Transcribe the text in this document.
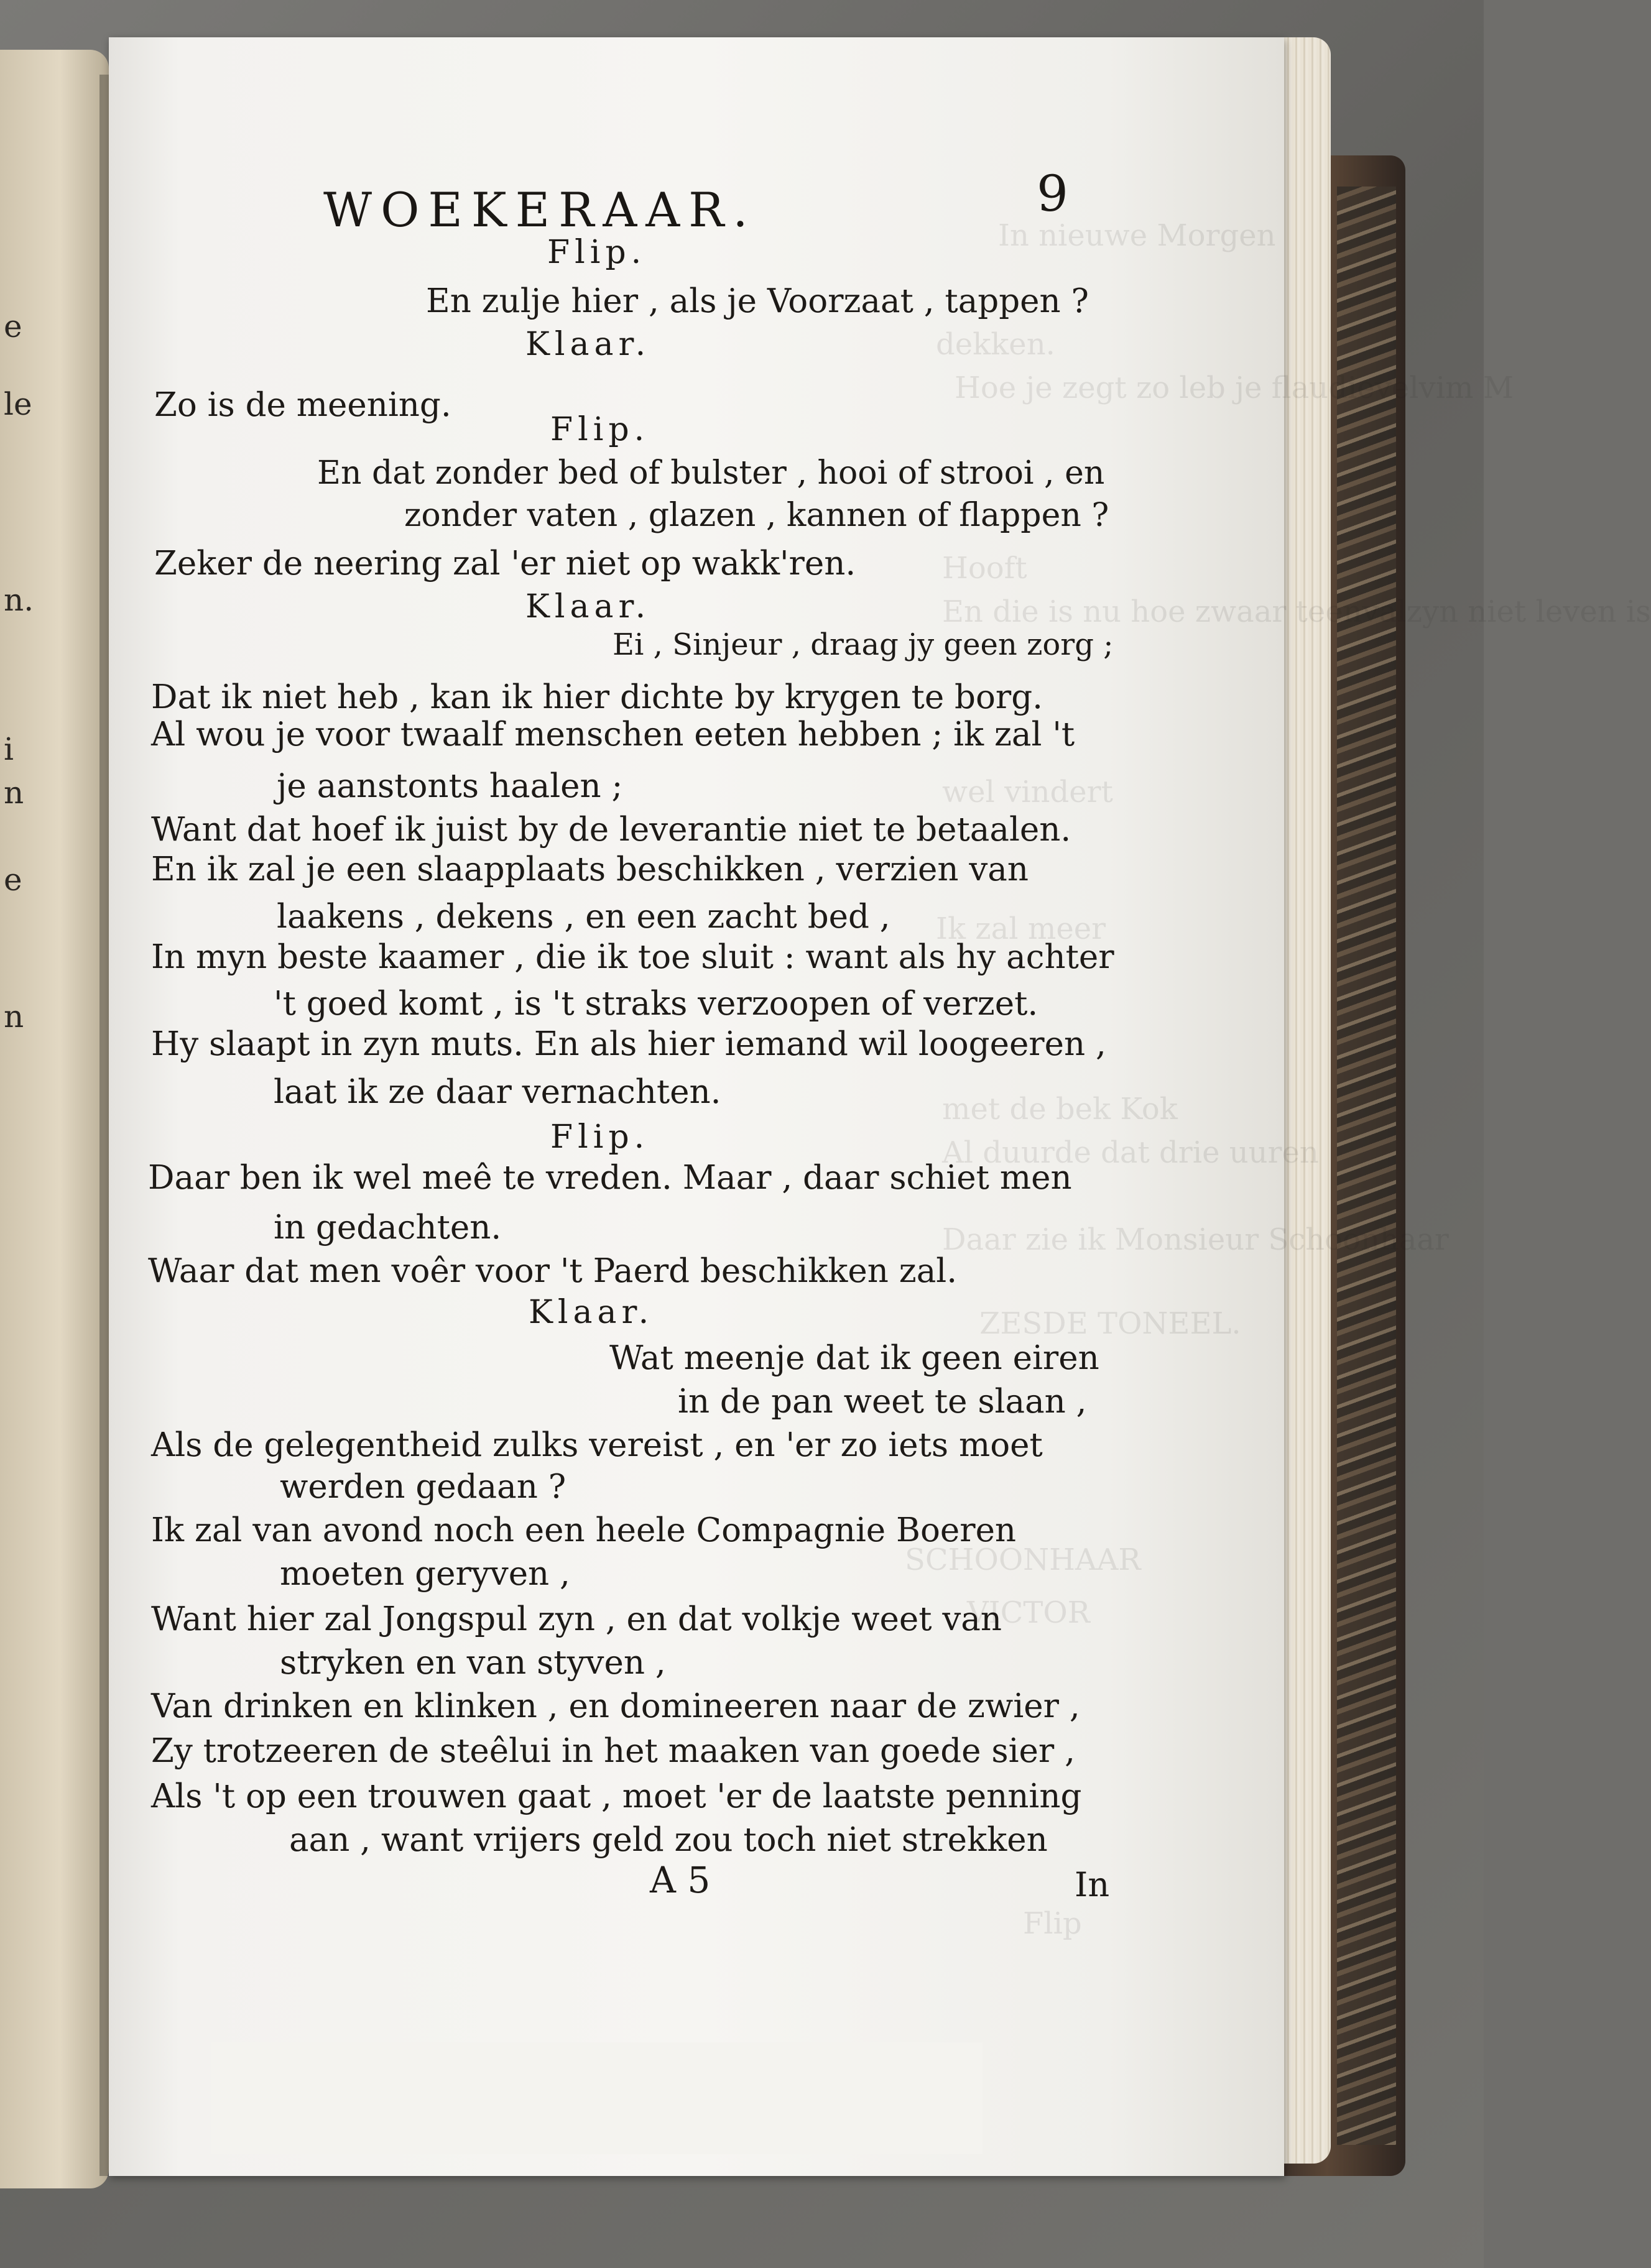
e
le
n.
i
n
e
n
In nieuwe Morgen
dekken.
Hoe je zegt zo leb je flaudievelvim M
Hooft
En die is nu hoe zwaar teenvalzyn niet leven is
wel vindert
Ik zal meer
met de bek Kok
Al duurde dat drie uuren
Daar zie ik Monsieur Schoonhaar
ZESDE TONEEL.
SCHOONHAAR
VICTOR
Flip
WOEKERAAR.	9
Flip.
En zulje hier , als je Voorzaat , tappen ?
Klaar.
Zo is de meening.
Flip.
En dat zonder bed of bulster , hooi of strooi , en
zonder vaten , glazen , kannen of flappen ?
Zeker de neering zal 'er niet op wakk'ren.
Klaar.
Ei , Sinjeur , draag jy geen zorg ;
Dat ik niet heb , kan ik hier dichte by krygen te borg.
Al wou je voor twaalf menschen eeten hebben ; ik zal 't
je aanstonts haalen ;
Want dat hoef ik juist by de leverantie niet te betaalen.
En ik zal je een slaapplaats beschikken , verzien van
laakens , dekens , en een zacht bed ,
In myn beste kaamer , die ik toe sluit : want als hy achter
't goed komt , is 't straks verzoopen of verzet.
Hy slaapt in zyn muts. En als hier iemand wil loogeeren ,
laat ik ze daar vernachten.
Flip.
Daar ben ik wel meê te vreden. Maar , daar schiet men
in gedachten.
Waar dat men voêr voor 't Paerd beschikken zal.
Klaar.
Wat meenje dat ik geen eiren
in de pan weet te slaan ,
Als de gelegentheid zulks vereist , en 'er zo iets moet
werden gedaan ?
Ik zal van avond noch een heele Compagnie Boeren
moeten geryven ,
Want hier zal Jongspul zyn , en dat volkje weet van
stryken en van styven ,
Van drinken en klinken , en domineeren naar de zwier ,
Zy trotzeeren de steêlui in het maaken van goede sier ,
Als 't op een trouwen gaat , moet 'er de laatste penning
aan , want vrijers geld zou toch niet strekken
A 5	In
